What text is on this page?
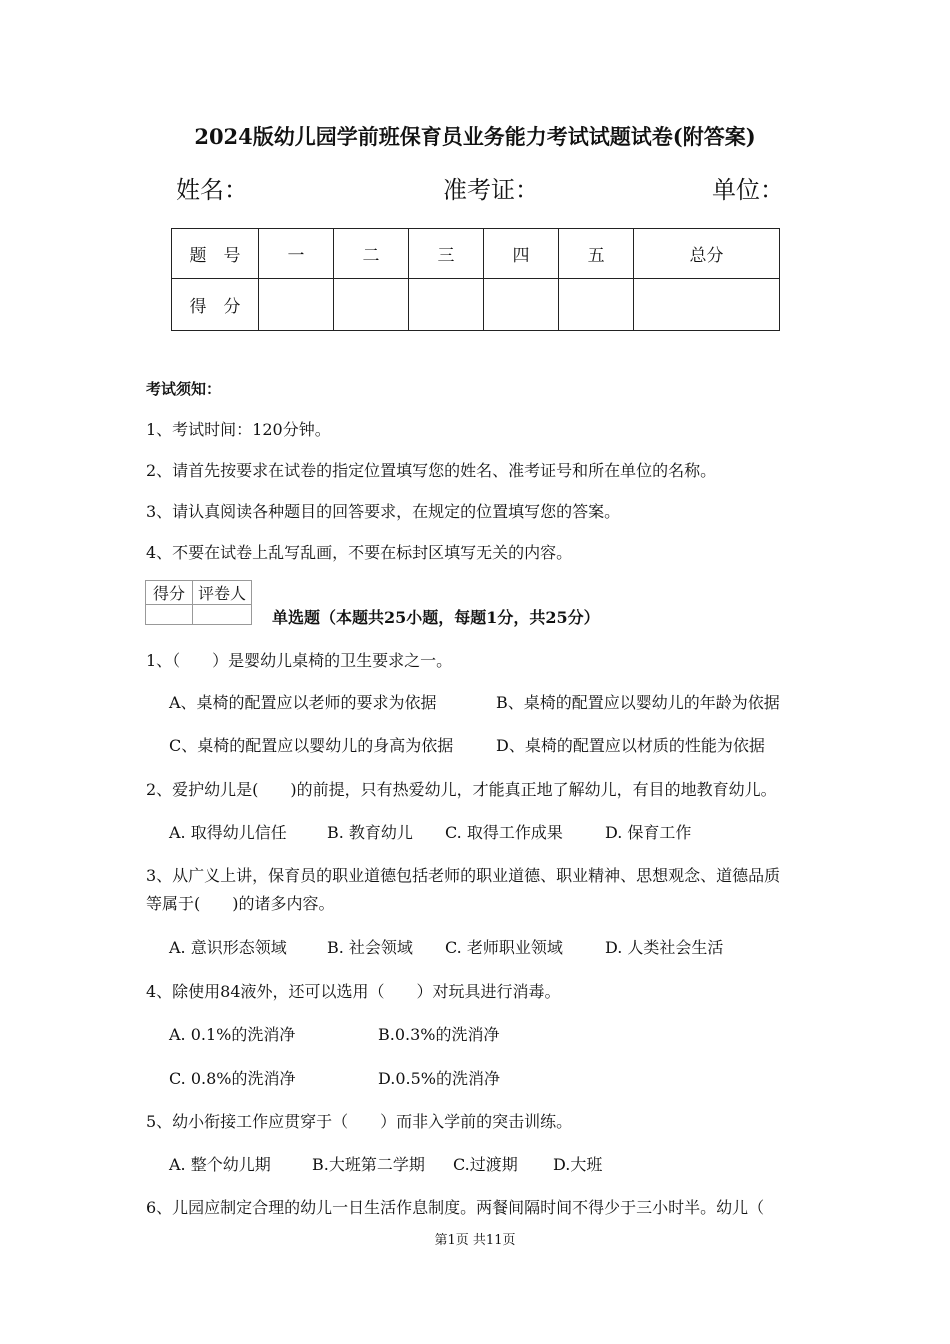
2024版幼儿园学前班保育员业务能力考试试题试卷(附答案)
姓名：	准考证：	单位：
题　号	一	二	三	四	五	总分
得　分						
考试须知：
1、考试时间：120分钟。
2、请首先按要求在试卷的指定位置填写您的姓名、准考证号和所在单位的名称。
3、请认真阅读各种题目的回答要求，在规定的位置填写您的答案。
4、不要在试卷上乱写乱画，不要在标封区填写无关的内容。
得分	评卷人

单选题（本题共25小题，每题1分，共25分）
1、（　　）是婴幼儿桌椅的卫生要求之一。
A、桌椅的配置应以老师的要求为依据	B、桌椅的配置应以婴幼儿的年龄为依据
C、桌椅的配置应以婴幼儿的身高为依据	D、桌椅的配置应以材质的性能为依据
2、爱护幼儿是(　　)的前提，只有热爱幼儿，才能真正地了解幼儿，有目的地教育幼儿。
A. 取得幼儿信任	B. 教育幼儿 C. 取得工作成果	D. 保育工作
3、从广义上讲，保育员的职业道德包括老师的职业道德、职业精神、思想观念、道德品质
等属于(　　)的诸多内容。
A. 意识形态领域	B. 社会领域 C. 老师职业领域	D. 人类社会生活
4、除使用84液外，还可以选用（　　）对玩具进行消毒。
A. 0.1%的洗消净	B.0.3%的洗消净
C. 0.8%的洗消净	D.0.5%的洗消净
5、幼小衔接工作应贯穿于（　　）而非入学前的突击训练。
A. 整个幼儿期	B.大班第二学期 C.过渡期 D.大班
6、儿园应制定合理的幼儿一日生活作息制度。两餐间隔时间不得少于三小时半。幼儿（
第1页 共11页
